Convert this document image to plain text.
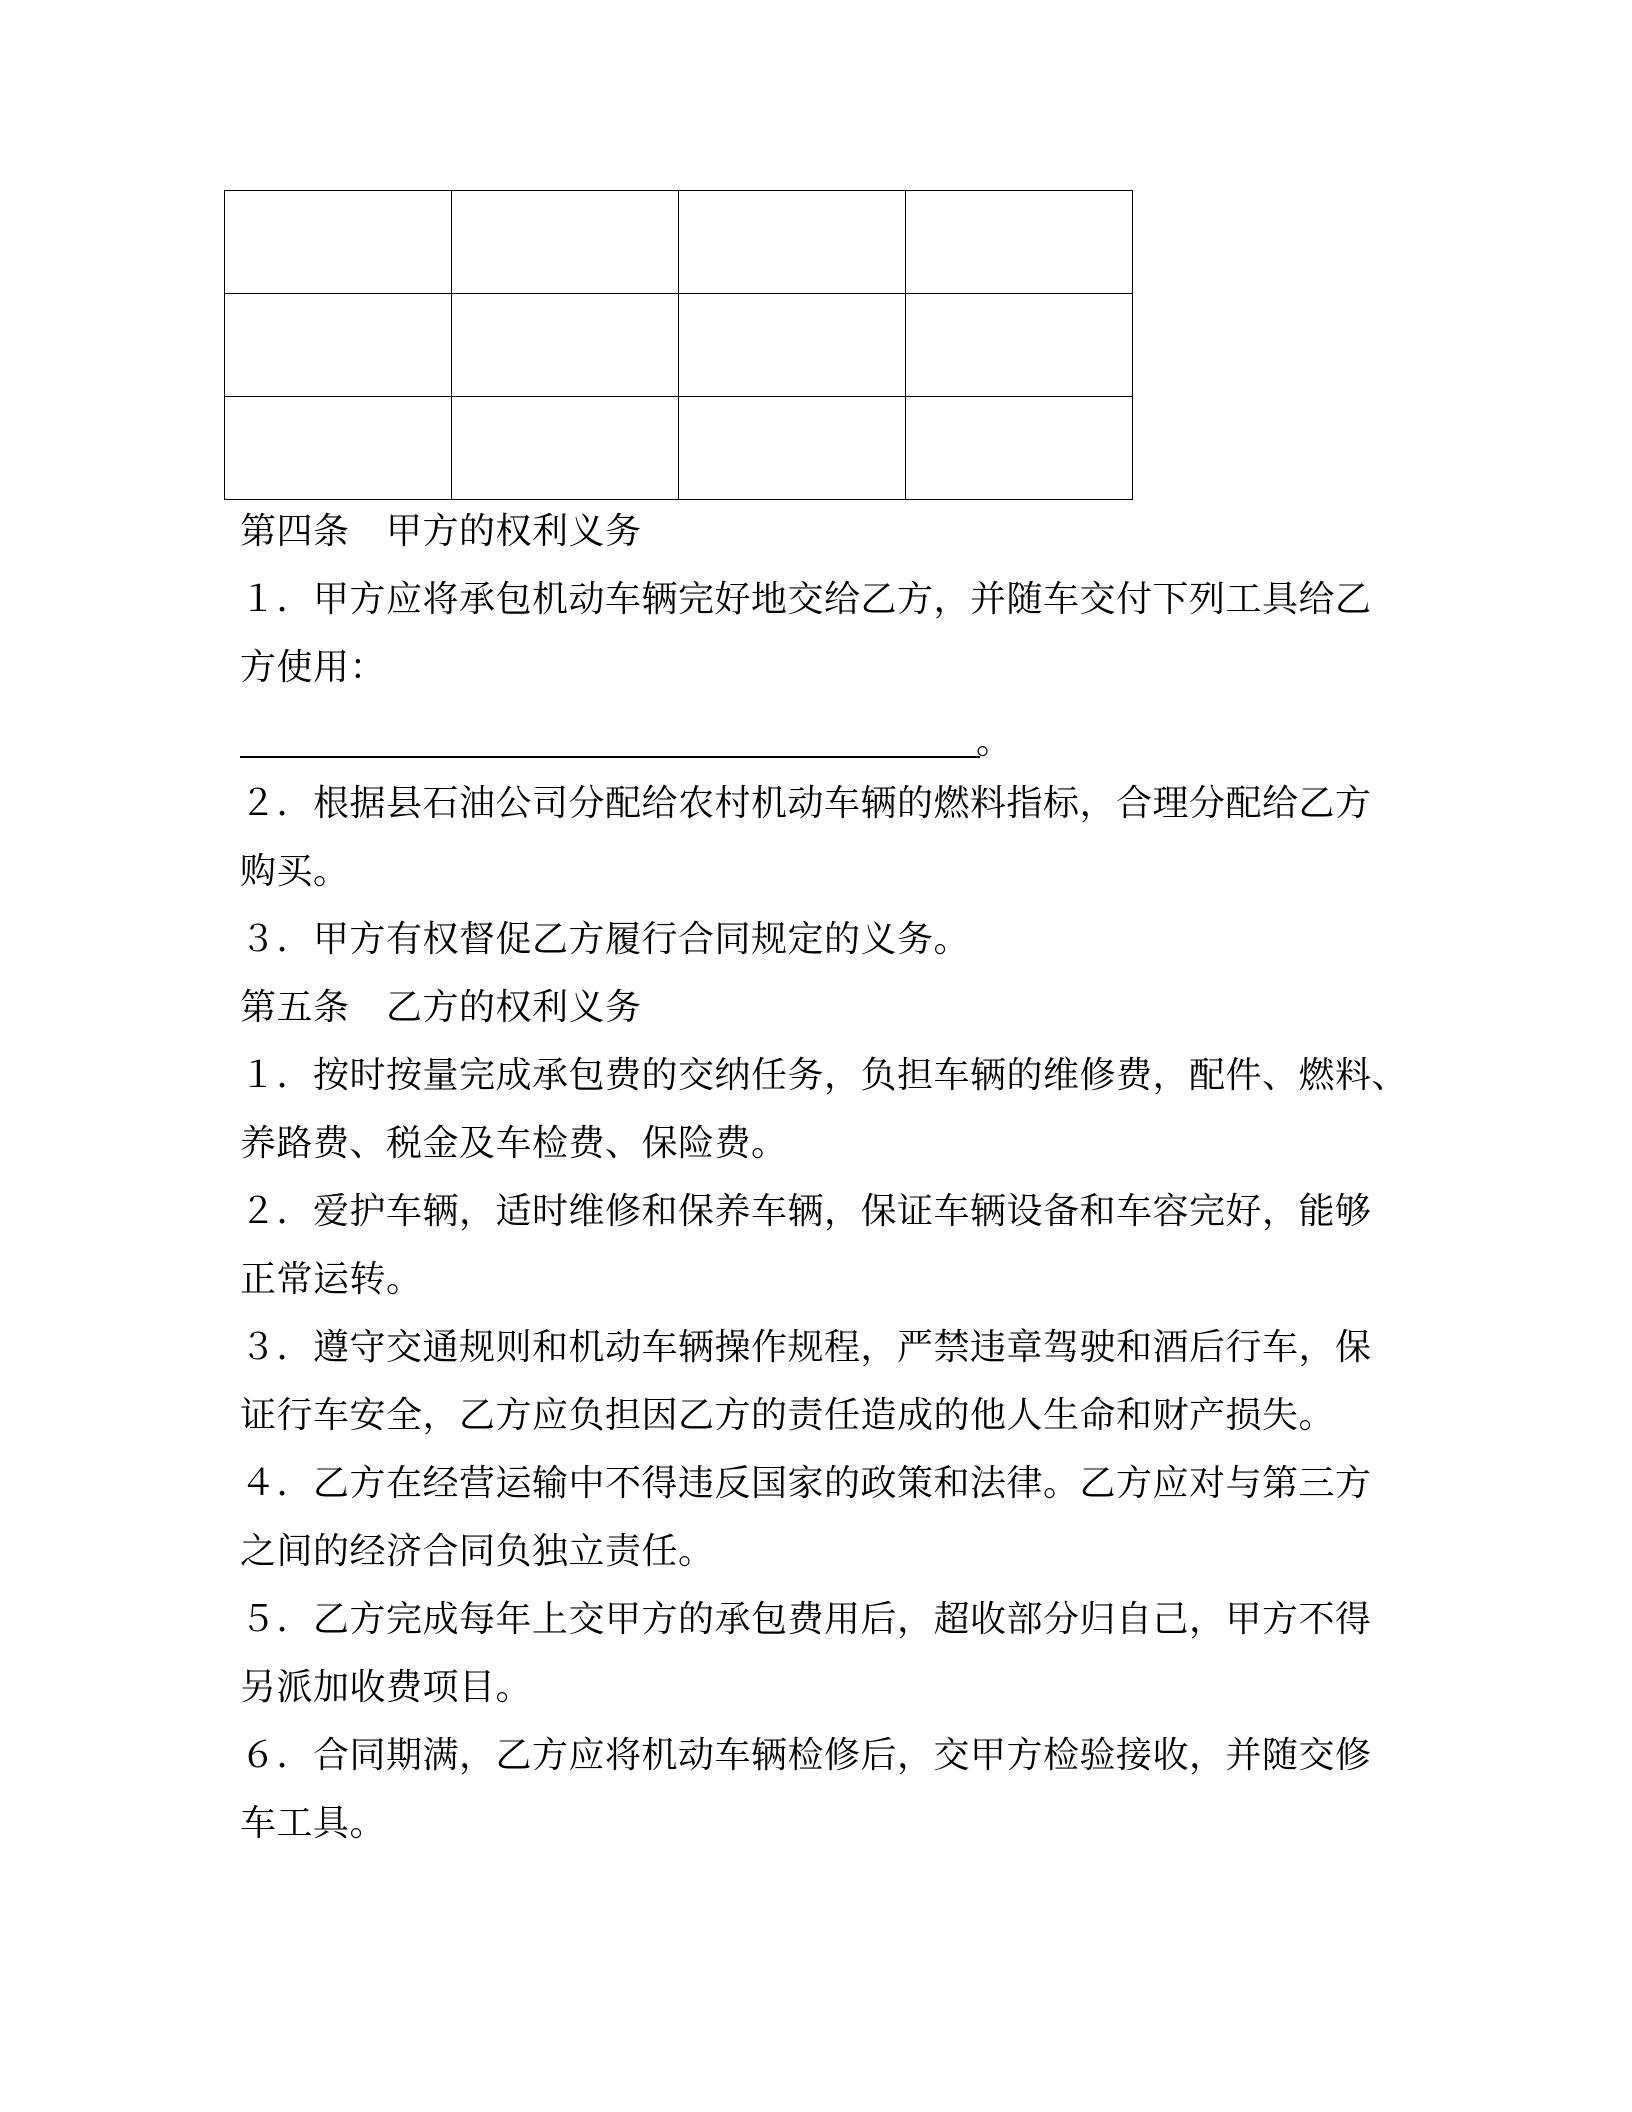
第四条　甲方的权利义务
１．甲方应将承包机动车辆完好地交给乙方，并随车交付下列工具给乙
方使用：
。
２．根据县石油公司分配给农村机动车辆的燃料指标，合理分配给乙方
购买。
３．甲方有权督促乙方履行合同规定的义务。
第五条　乙方的权利义务
１．按时按量完成承包费的交纳任务，负担车辆的维修费，配件、燃料、
养路费、税金及车检费、保险费。
２．爱护车辆，适时维修和保养车辆，保证车辆设备和车容完好，能够
正常运转。
３．遵守交通规则和机动车辆操作规程，严禁违章驾驶和酒后行车，保
证行车安全，乙方应负担因乙方的责任造成的他人生命和财产损失。
４．乙方在经营运输中不得违反国家的政策和法律。乙方应对与第三方
之间的经济合同负独立责任。
５．乙方完成每年上交甲方的承包费用后，超收部分归自己，甲方不得
另派加收费项目。
６．合同期满，乙方应将机动车辆检修后，交甲方检验接收，并随交修
车工具。
